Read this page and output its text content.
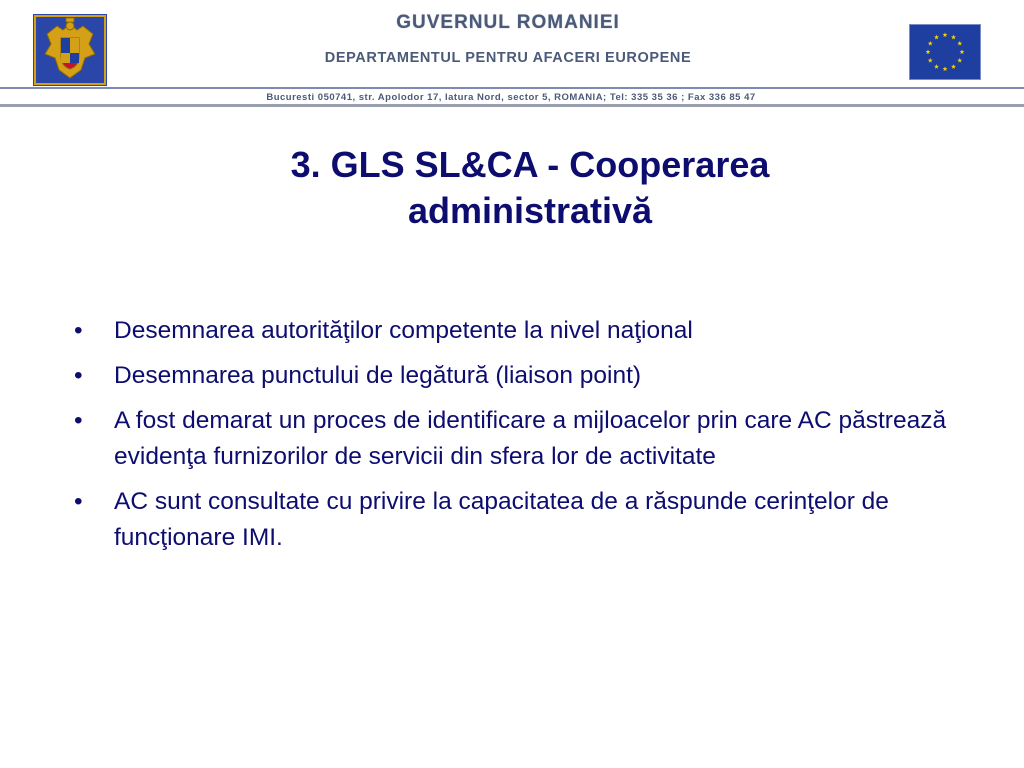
GUVERNUL ROMANIEI
DEPARTAMENTUL PENTRU AFACERI EUROPENE
Bucuresti 050741, str. Apolodor 17, latura Nord, sector 5, ROMANIA; Tel: 335 35 36 ; Fax 336 85 47
3. GLS SL&CA - Cooperarea administrativă
•	Desemnarea autorităţilor competente la nivel naţional
•	Desemnarea punctului de legătură (liaison point)
•	A fost demarat un proces de identificare a mijloacelor prin care AC păstrează evidenţa furnizorilor de servicii din sfera lor de activitate
•	AC sunt consultate cu privire la capacitatea de a răspunde cerinţelor de funcţionare IMI.
